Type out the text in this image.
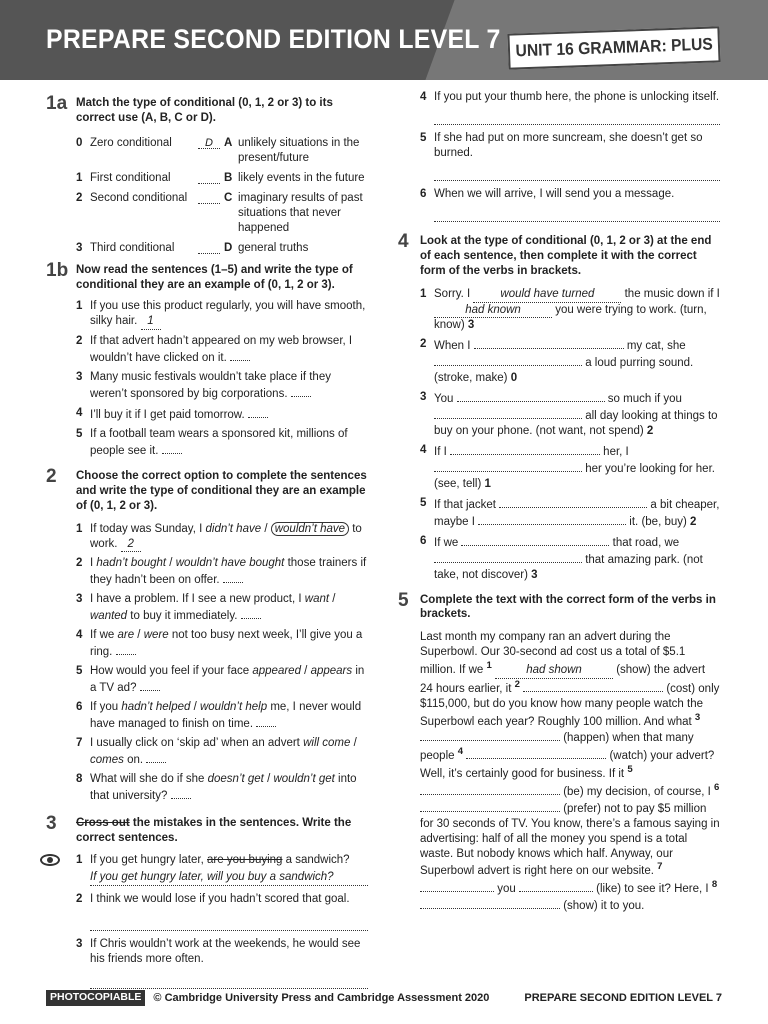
PREPARE SECOND EDITION LEVEL 7 UNIT 16 GRAMMAR: PLUS
1a Match the type of conditional (0, 1, 2 or 3) to its correct use (A, B, C or D).
0 Zero conditional	D A unlikely situations in the present/future
1 First conditional	B likely events in the future
2 Second conditional	C imaginary results of past situations that never happened
3 Third conditional	D general truths
1b Now read the sentences (1–5) and write the type of conditional they are an example of (0, 1, 2 or 3).
1 If you use this product regularly, you will have smooth, silky hair. 1
2 If that advert hadn’t appeared on my web browser, I wouldn’t have clicked on it.
3 Many music festivals wouldn’t take place if they weren’t sponsored by big corporations.
4 I’ll buy it if I get paid tomorrow.
5 If a football team wears a sponsored kit, millions of people see it.
2 Choose the correct option to complete the sentences and write the type of conditional they are an example of (0, 1, 2 or 3).
1 If today was Sunday, I didn’t have / wouldn’t have to work. 2
2 I hadn’t bought / wouldn’t have bought those trainers if they hadn’t been on offer.
3 I have a problem. If I see a new product, I want / wanted to buy it immediately.
4 If we are / were not too busy next week, I’ll give you a ring.
5 How would you feel if your face appeared / appears in a TV ad?
6 If you hadn’t helped / wouldn’t help me, I never would have managed to finish on time.
7 I usually click on ‘skip ad’ when an advert will come / comes on.
8 What will she do if she doesn’t get / wouldn’t get into that university?
3 Cross out the mistakes in the sentences. Write the correct sentences.
1 If you get hungry later, are you buying a sandwich?
If you get hungry later, will you buy a sandwich?
2 I think we would lose if you hadn’t scored that goal.
3 If Chris wouldn’t work at the weekends, he would see his friends more often.
4 If you put your thumb here, the phone is unlocking itself.
5 If she had put on more suncream, she doesn’t get so burned.
6 When we will arrive, I will send you a message.
4 Look at the type of conditional (0, 1, 2 or 3) at the end of each sentence, then complete it with the correct form of the verbs in brackets.
1 Sorry. I would have turned the music down if I had known	you were trying to work. (turn, know) 3
2 When I	my cat, she  a loud purring sound. (stroke, make) 0
3 You	so much if you  all day looking at things to buy on your phone. (not want, not spend) 2
4 If I	her, I  her you’re looking for her. (see, tell) 1
5 If that jacket	a bit cheaper, maybe I	it. (be, buy) 2
6 If we	that road, we  that amazing park. (not take, not discover) 3
5 Complete the text with the correct form of the verbs in brackets.
Last month my company ran an advert during the Superbowl. Our 30-second ad cost us a total of $5.1 million. If we $^1$	had shown	(show) the advert 24 hours earlier, it $^2$	(cost) only $115,000, but do you know how many people watch the Superbowl each year? Roughly 100 million. And what $^3$  (happen) when that many people $^4$	(watch) your advert? Well, it’s certainly good for business. If it $^5$  (be) my decision, of course, I $^6$  (prefer) not to pay $5 million for 30 seconds of TV. You know, there’s a famous saying in advertising: half of all the money you spend is a total waste. But nobody knows which half. Anyway, our Superbowl advert is right here on our website. $^7$  you	(like) to see it? Here, I $^8$  (show) it to you.
PHOTOCOPIABLE	© Cambridge University Press and Cambridge Assessment 2020	PREPARE SECOND EDITION LEVEL 7
